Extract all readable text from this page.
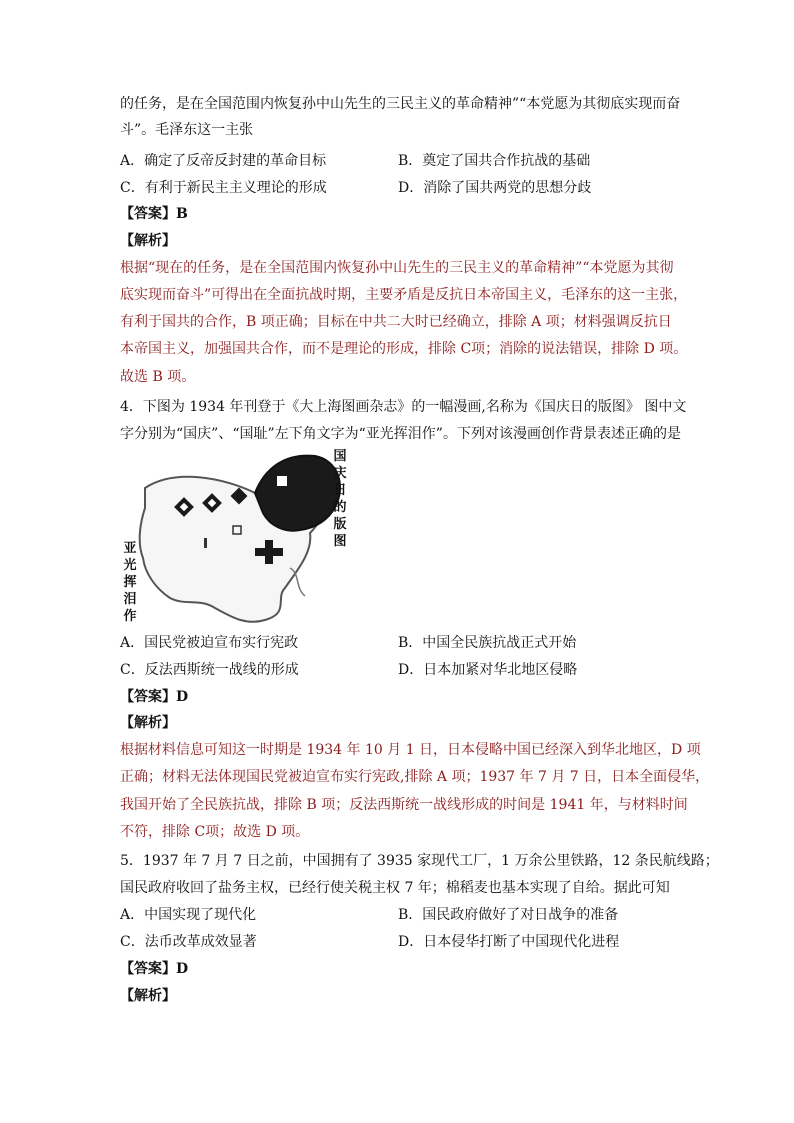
的任务，是在全国范围内恢复孙中山先生的三民主义的革命精神”“本党愿为其彻底实现而奋
斗”。毛泽东这一主张
A．确定了反帝反封建的革命目标	B．奠定了国共合作抗战的基础
C．有利于新民主主义理论的形成	D．消除了国共两党的思想分歧
【答案】B
【解析】
根据“现在的任务，是在全国范围内恢复孙中山先生的三民主义的革命精神”“本党愿为其彻
底实现而奋斗”可得出在全面抗战时期，主要矛盾是反抗日本帝国主义，毛泽东的这一主张，
有利于国共的合作，B 项正确；目标在中共二大时已经确立，排除 A 项；材料强调反抗日
本帝国主义，加强国共合作，而不是理论的形成，排除 C项；消除的说法错误，排除 D 项。
故选 B 项。
4．下图为 1934 年刊登于《大上海图画杂志》的一幅漫画,名称为《国庆日的版图》 图中文
字分别为“国庆”、“国耻”左下角文字为“亚光挥泪作”。下列对该漫画创作背景表述正确的是
国庆日的版图
亚光挥泪作
A．国民党被迫宣布实行宪政	B．中国全民族抗战正式开始
C．反法西斯统一战线的形成	D．日本加紧对华北地区侵略
【答案】D
【解析】
根据材料信息可知这一时期是 1934 年 10 月 1 日，日本侵略中国已经深入到华北地区，D 项
正确；材料无法体现国民党被迫宣布实行宪政,排除 A 项；1937 年 7 月 7 日，日本全面侵华，
我国开始了全民族抗战，排除 B 项；反法西斯统一战线形成的时间是 1941 年，与材料时间
不符，排除 C项；故选 D 项。
5．1937 年 7 月 7 日之前，中国拥有了 3935 家现代工厂，1 万余公里铁路，12 条民航线路；
国民政府收回了盐务主权，已经行使关税主权 7 年；棉稻麦也基本实现了自给。据此可知
A．中国实现了现代化	B．国民政府做好了对日战争的准备
C．法币改革成效显著	D．日本侵华打断了中国现代化进程
【答案】D
【解析】
